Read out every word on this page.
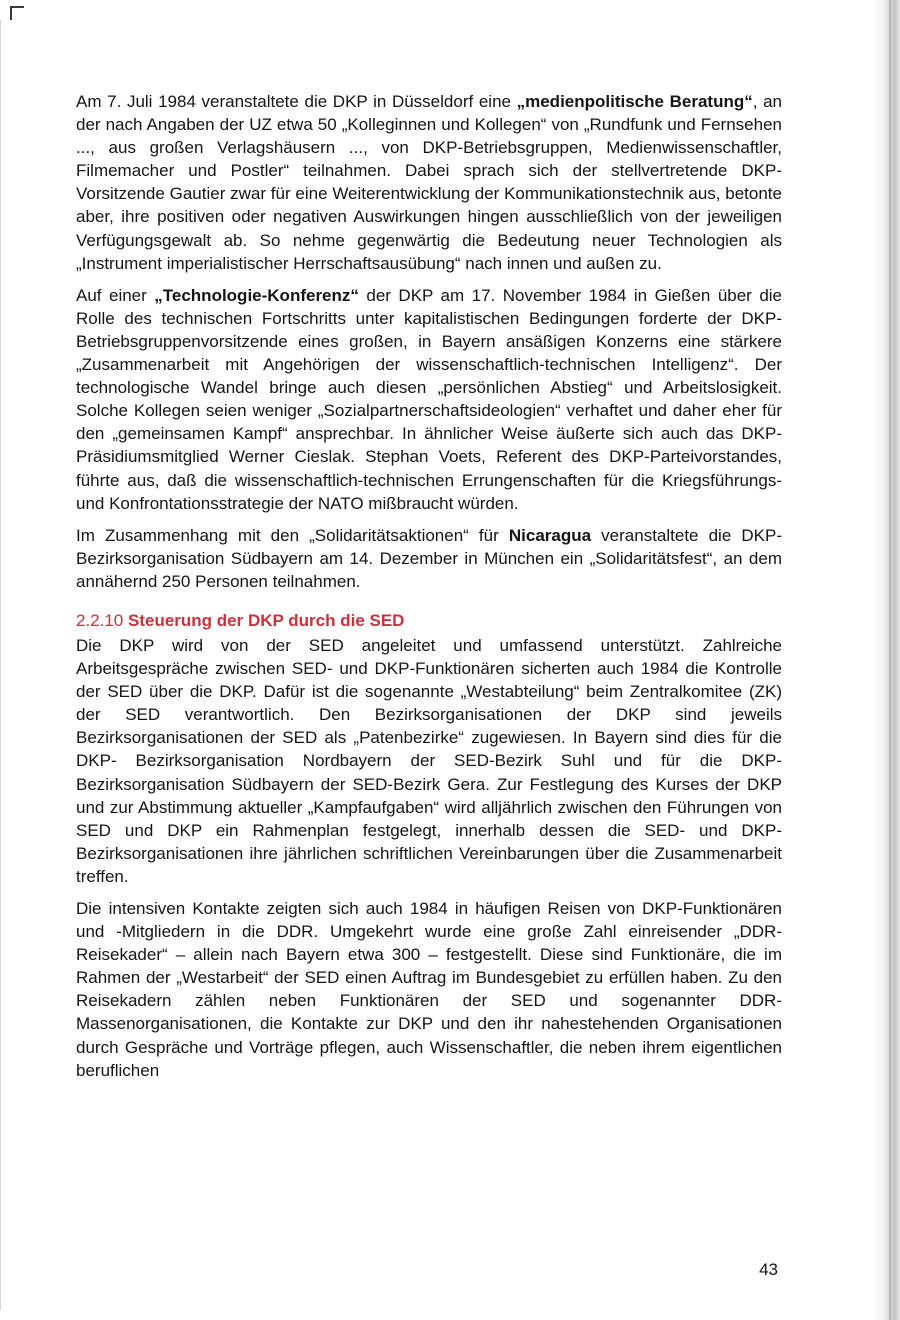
Am 7. Juli 1984 veranstaltete die DKP in Düsseldorf eine „medienpolitische Beratung“, an der nach Angaben der UZ etwa 50 „Kolleginnen und Kollegen“ von „Rundfunk und Fernsehen ..., aus großen Verlagshäusern ..., von DKP-Betriebsgruppen, Medienwissenschaftler, Filmemacher und Postler“ teilnahmen. Dabei sprach sich der stellvertretende DKP-Vorsitzende Gautier zwar für eine Weiterentwicklung der Kommunikationstechnik aus, betonte aber, ihre positiven oder negativen Auswirkungen hingen ausschließlich von der jeweiligen Verfügungsgewalt ab. So nehme gegenwärtig die Bedeutung neuer Technologien als „Instrument imperialistischer Herrschaftsausübung“ nach innen und außen zu.

Auf einer „Technologie-Konferenz“ der DKP am 17. November 1984 in Gießen über die Rolle des technischen Fortschritts unter kapitalistischen Bedingungen forderte der DKP-Betriebsgruppenvorsitzende eines großen, in Bayern ansäßigen Konzerns eine stärkere „Zusammenarbeit mit Angehörigen der wissenschaftlich-technischen Intelligenz“. Der technologische Wandel bringe auch diesen „persönlichen Abstieg“ und Arbeitslosigkeit. Solche Kollegen seien weniger „Sozialpartnerschaftsideologien“ verhaftet und daher eher für den „gemeinsamen Kampf“ ansprechbar. In ähnlicher Weise äußerte sich auch das DKP-Präsidiumsmitglied Werner Cieslak. Stephan Voets, Referent des DKP-Parteivorstandes, führte aus, daß die wissenschaftlich-technischen Errungenschaften für die Kriegsführungs- und Konfrontationsstrategie der NATO mißbraucht würden.

Im Zusammenhang mit den „Solidaritätsaktionen“ für Nicaragua veranstaltete die DKP-Bezirksorganisation Südbayern am 14. Dezember in München ein „Solidaritätsfest“, an dem annähernd 250 Personen teilnahmen.

2.2.10 Steuerung der DKP durch die SED

Die DKP wird von der SED angeleitet und umfassend unterstützt. Zahlreiche Arbeitsgespräche zwischen SED- und DKP-Funktionären sicherten auch 1984 die Kontrolle der SED über die DKP. Dafür ist die sogenannte „Westabteilung“ beim Zentralkomitee (ZK) der SED verantwortlich. Den Bezirksorganisationen der DKP sind jeweils Bezirksorganisationen der SED als „Patenbezirke“ zugewiesen. In Bayern sind dies für die DKP- Bezirksorganisation Nordbayern der SED-Bezirk Suhl und für die DKP- Bezirksorganisation Südbayern der SED-Bezirk Gera. Zur Festlegung des Kurses der DKP und zur Abstimmung aktueller „Kampfaufgaben“ wird alljährlich zwischen den Führungen von SED und DKP ein Rahmenplan festgelegt, innerhalb dessen die SED- und DKP-Bezirksorganisationen ihre jährlichen schriftlichen Vereinbarungen über die Zusammenarbeit treffen.

Die intensiven Kontakte zeigten sich auch 1984 in häufigen Reisen von DKP-Funktionären und -Mitgliedern in die DDR. Umgekehrt wurde eine große Zahl einreisender „DDR-Reisekader“ – allein nach Bayern etwa 300 – festgestellt. Diese sind Funktionäre, die im Rahmen der „Westarbeit“ der SED einen Auftrag im Bundesgebiet zu erfüllen haben. Zu den Reisekadern zählen neben Funktionären der SED und sogenannter DDR- Massenorganisationen, die Kontakte zur DKP und den ihr nahestehenden Organisationen durch Gespräche und Vorträge pflegen, auch Wissenschaftler, die neben ihrem eigentlichen beruflichen

43
